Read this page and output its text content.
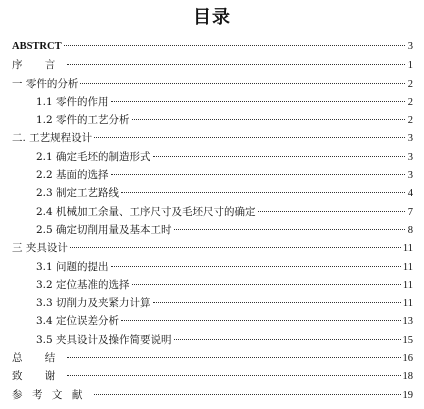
目录
ABSTRCT	3
序 言	1
一 零件的分析	2
1.1 零件的作用	2
1.2 零件的工艺分析	2
二. 工艺规程设计	3
2.1 确定毛坯的制造形式	3
2.2 基面的选择	3
2.3 制定工艺路线	4
2.4 机械加工余量、工序尺寸及毛坯尺寸的确定	7
2.5 确定切削用量及基本工时	8
三 夹具设计	11
3.1 问题的提出	11
3.2 定位基准的选择	11
3.3 切削力及夹紧力计算	11
3.4 定位误差分析	13
3.5 夹具设计及操作简要说明	15
总 结	16
致 谢	18
参考文献	19
